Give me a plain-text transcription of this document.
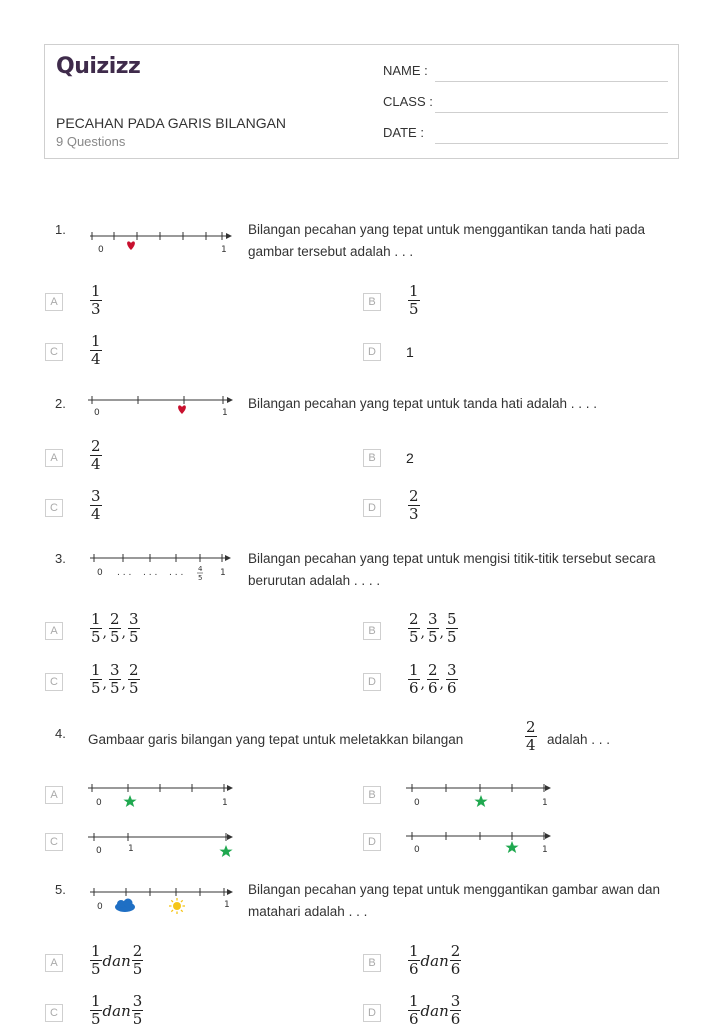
Quizizz
PECAHAN PADA GARIS BILANGAN
9 Questions
NAME :
CLASS :
DATE :
1.
0	1
Bilangan pecahan yang tepat untuk menggantikan tanda hati pada gambar tersebut adalah . . .
A	$\frac{1}{3}$	B	$\frac{1}{5}$
C	$\frac{1}{4}$	D	1
2.
0	1
Bilangan pecahan yang tepat untuk tanda hati adalah . . . .
A	$\frac{2}{4}$	B	2
C	$\frac{3}{4}$	D	$\frac{2}{3}$
3.
0 . . . . . . . . . 4
5 1
Bilangan pecahan yang tepat untuk mengisi titik-titik tersebut secara berurutan adalah . . . .
A	$\frac{1}{5}$ , $\frac{2}{5}$ , $\frac{3}{5}$	B	$\frac{2}{5}$ , $\frac{3}{5}$ , $\frac{5}{5}$
C	$\frac{1}{5}$ , $\frac{3}{5}$ , $\frac{2}{5}$	D	$\frac{1}{6}$ , $\frac{2}{6}$ , $\frac{3}{6}$
4. Gambaar garis bilangan yang tepat untuk meletakkan bilangan	$\frac{2}{4}$ adalah . . .
A
0	1
B
0	1
C
0	1
D
0	1
5.
0	1
Bilangan pecahan yang tepat untuk menggantikan gambar awan dan matahari adalah . . .
A	$\frac{1}{5}$ dan $\frac{2}{5}$	B	$\frac{1}{6}$ dan $\frac{2}{6}$
C	$\frac{1}{5}$ dan $\frac{3}{5}$	D	$\frac{1}{6}$ dan $\frac{3}{6}$
